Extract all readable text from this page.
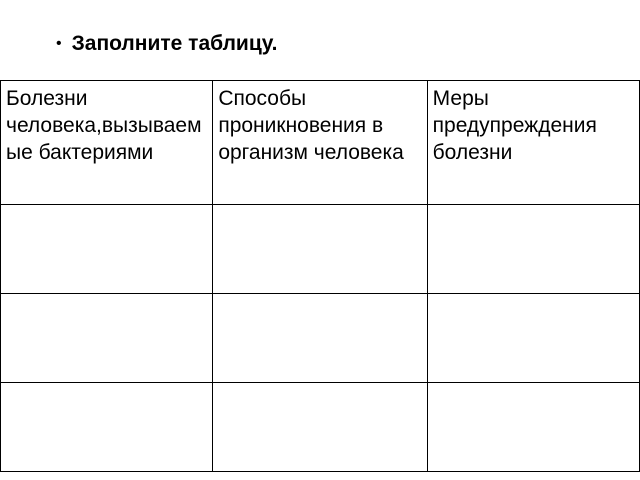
• Заполните таблицу.
Болезни человека,вызываемые бактериями	Способы проникновения в организм человека	Меры предупреждения болезни
